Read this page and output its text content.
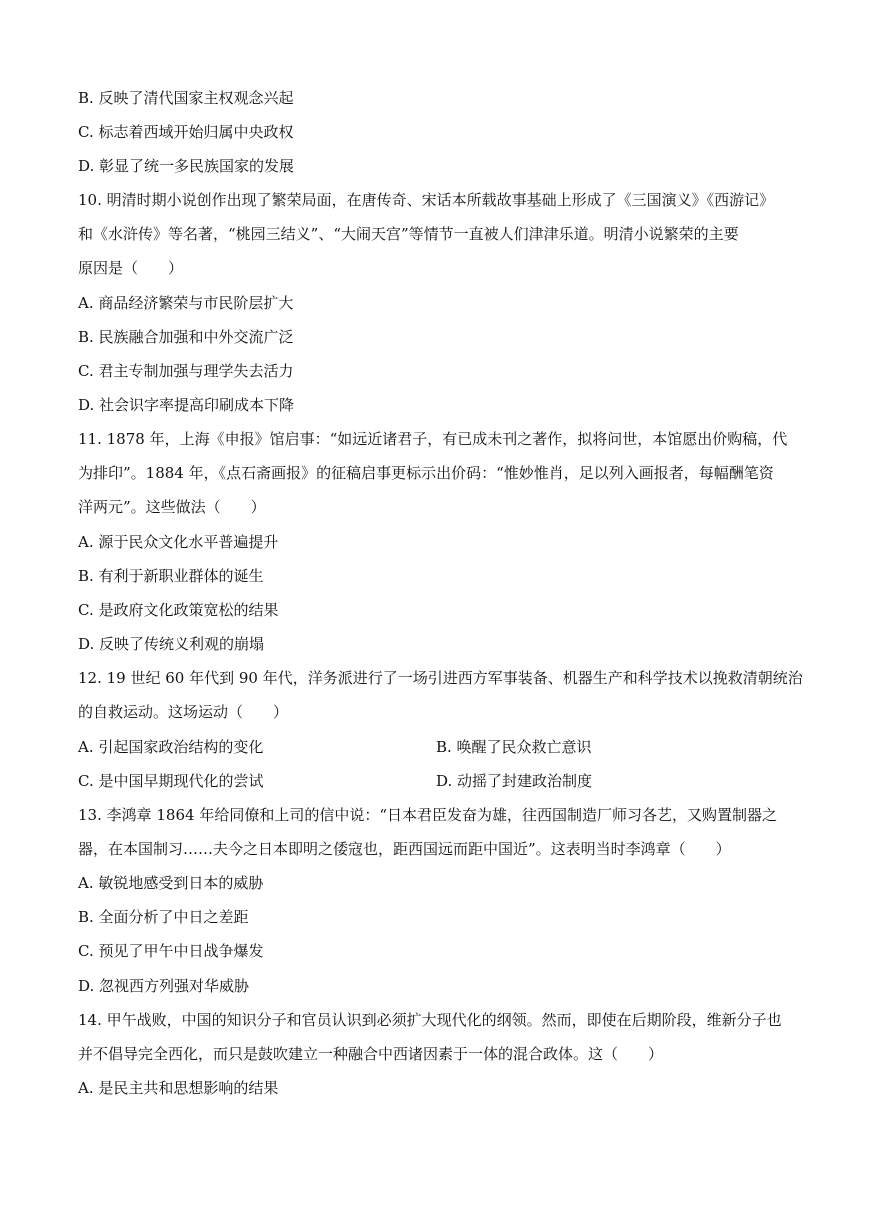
B. 反映了清代国家主权观念兴起
C. 标志着西域开始归属中央政权
D. 彰显了统一多民族国家的发展
10. 明清时期小说创作出现了繁荣局面，在唐传奇、宋话本所载故事基础上形成了《三国演义》《西游记》
和《水浒传》等名著，“桃园三结义”、“大闹天宫”等情节一直被人们津津乐道。明清小说繁荣的主要
原因是（　　）
A. 商品经济繁荣与市民阶层扩大
B. 民族融合加强和中外交流广泛
C. 君主专制加强与理学失去活力
D. 社会识字率提高印刷成本下降
11. 1878 年，上海《申报》馆启事：“如远近诸君子，有已成未刊之著作，拟将问世，本馆愿出价购稿，代
为排印”。1884 年，《点石斋画报》的征稿启事更标示出价码：“惟妙惟肖，足以列入画报者，每幅酬笔资
洋两元”。这些做法（　　）
A. 源于民众文化水平普遍提升
B. 有利于新职业群体的诞生
C. 是政府文化政策宽松的结果
D. 反映了传统义利观的崩塌
12. 19 世纪 60 年代到 90 年代，洋务派进行了一场引进西方军事装备、机器生产和科学技术以挽救清朝统治
的自救运动。这场运动（　　）
A. 引起国家政治结构的变化	B. 唤醒了民众救亡意识
C. 是中国早期现代化的尝试	D. 动摇了封建政治制度
13. 李鸿章 1864 年给同僚和上司的信中说：“日本君臣发奋为雄，往西国制造厂师习各艺，又购置制器之
器，在本国制习……夫今之日本即明之倭寇也，距西国远而距中国近”。这表明当时李鸿章（　　）
A. 敏锐地感受到日本的威胁
B. 全面分析了中日之差距
C. 预见了甲午中日战争爆发
D. 忽视西方列强对华威胁
14. 甲午战败，中国的知识分子和官员认识到必须扩大现代化的纲领。然而，即使在后期阶段，维新分子也
并不倡导完全西化，而只是鼓吹建立一种融合中西诸因素于一体的混合政体。这（　　）
A. 是民主共和思想影响的结果
